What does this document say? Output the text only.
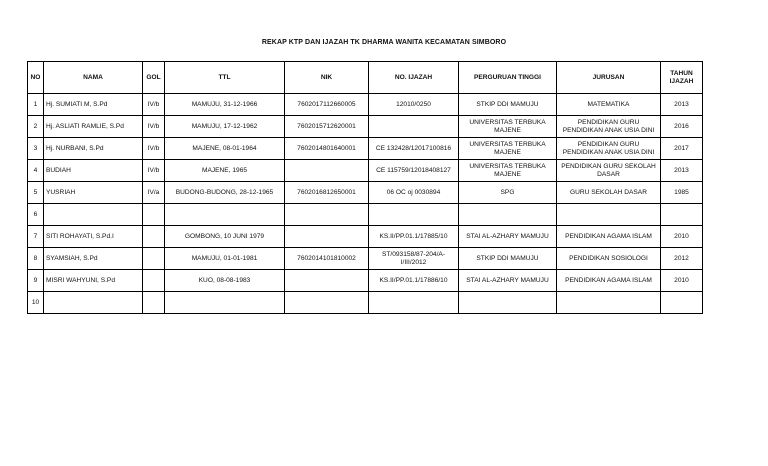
REKAP KTP DAN IJAZAH TK DHARMA WANITA KECAMATAN SIMBORO
NO	NAMA	GOL	TTL	NIK	NO. IJAZAH	PERGURUAN TINGGI	JURUSAN	TAHUN IJAZAH
1	Hj. SUMIATI M, S.Pd	IV/b	MAMUJU, 31-12-1966	7602017112660005	12010/0250	STKIP DDI MAMUJU	MATEMATIKA	2013
2	Hj. ASLIATI RAMLIE, S.Pd	IV/b	MAMUJU, 17-12-1962	7602015712620001		UNIVERSITAS TERBUKA MAJENE	PENDIDIKAN GURU PENDIDIKAN ANAK USIA DINI	2016
3	Hj. NURBANI, S.Pd	IV/b	MAJENE, 08-01-1964	7602014801640001	CE 132428/12017100816	UNIVERSITAS TERBUKA MAJENE	PENDIDIKAN GURU PENDIDIKAN ANAK USIA DINI	2017
4	BUDIAH	IV/b	MAJENE, 1965		CE 115759/12018408127	UNIVERSITAS TERBUKA MAJENE	PENDIDIKAN GURU SEKOLAH DASAR	2013
5	YUSRIAH	IV/a	BUDONG-BUDONG, 28-12-1965	7602016812650001	06 OC oj 0030894	SPG	GURU SEKOLAH DASAR	1985
6								
7	SITI ROHAYATI, S.Pd.I		GOMBONG, 10 JUNI 1979		KS.II/PP.01.1/17885/10	STAI AL-AZHARY MAMUJU	PENDIDIKAN AGAMA ISLAM	2010
8	SYAMSIAH, S.Pd		MAMUJU, 01-01-1981	7602014101810002	ST/093158/87-204/A-I/III/2012	STKIP DDI MAMUJU	PENDIDIKAN SOSIOLOGI	2012
9	MISRI WAHYUNI, S.Pd		KUO, 08-08-1983		KS.II/PP.01.1/17886/10	STAI AL-AZHARY MAMUJU	PENDIDIKAN AGAMA ISLAM	2010
10								
